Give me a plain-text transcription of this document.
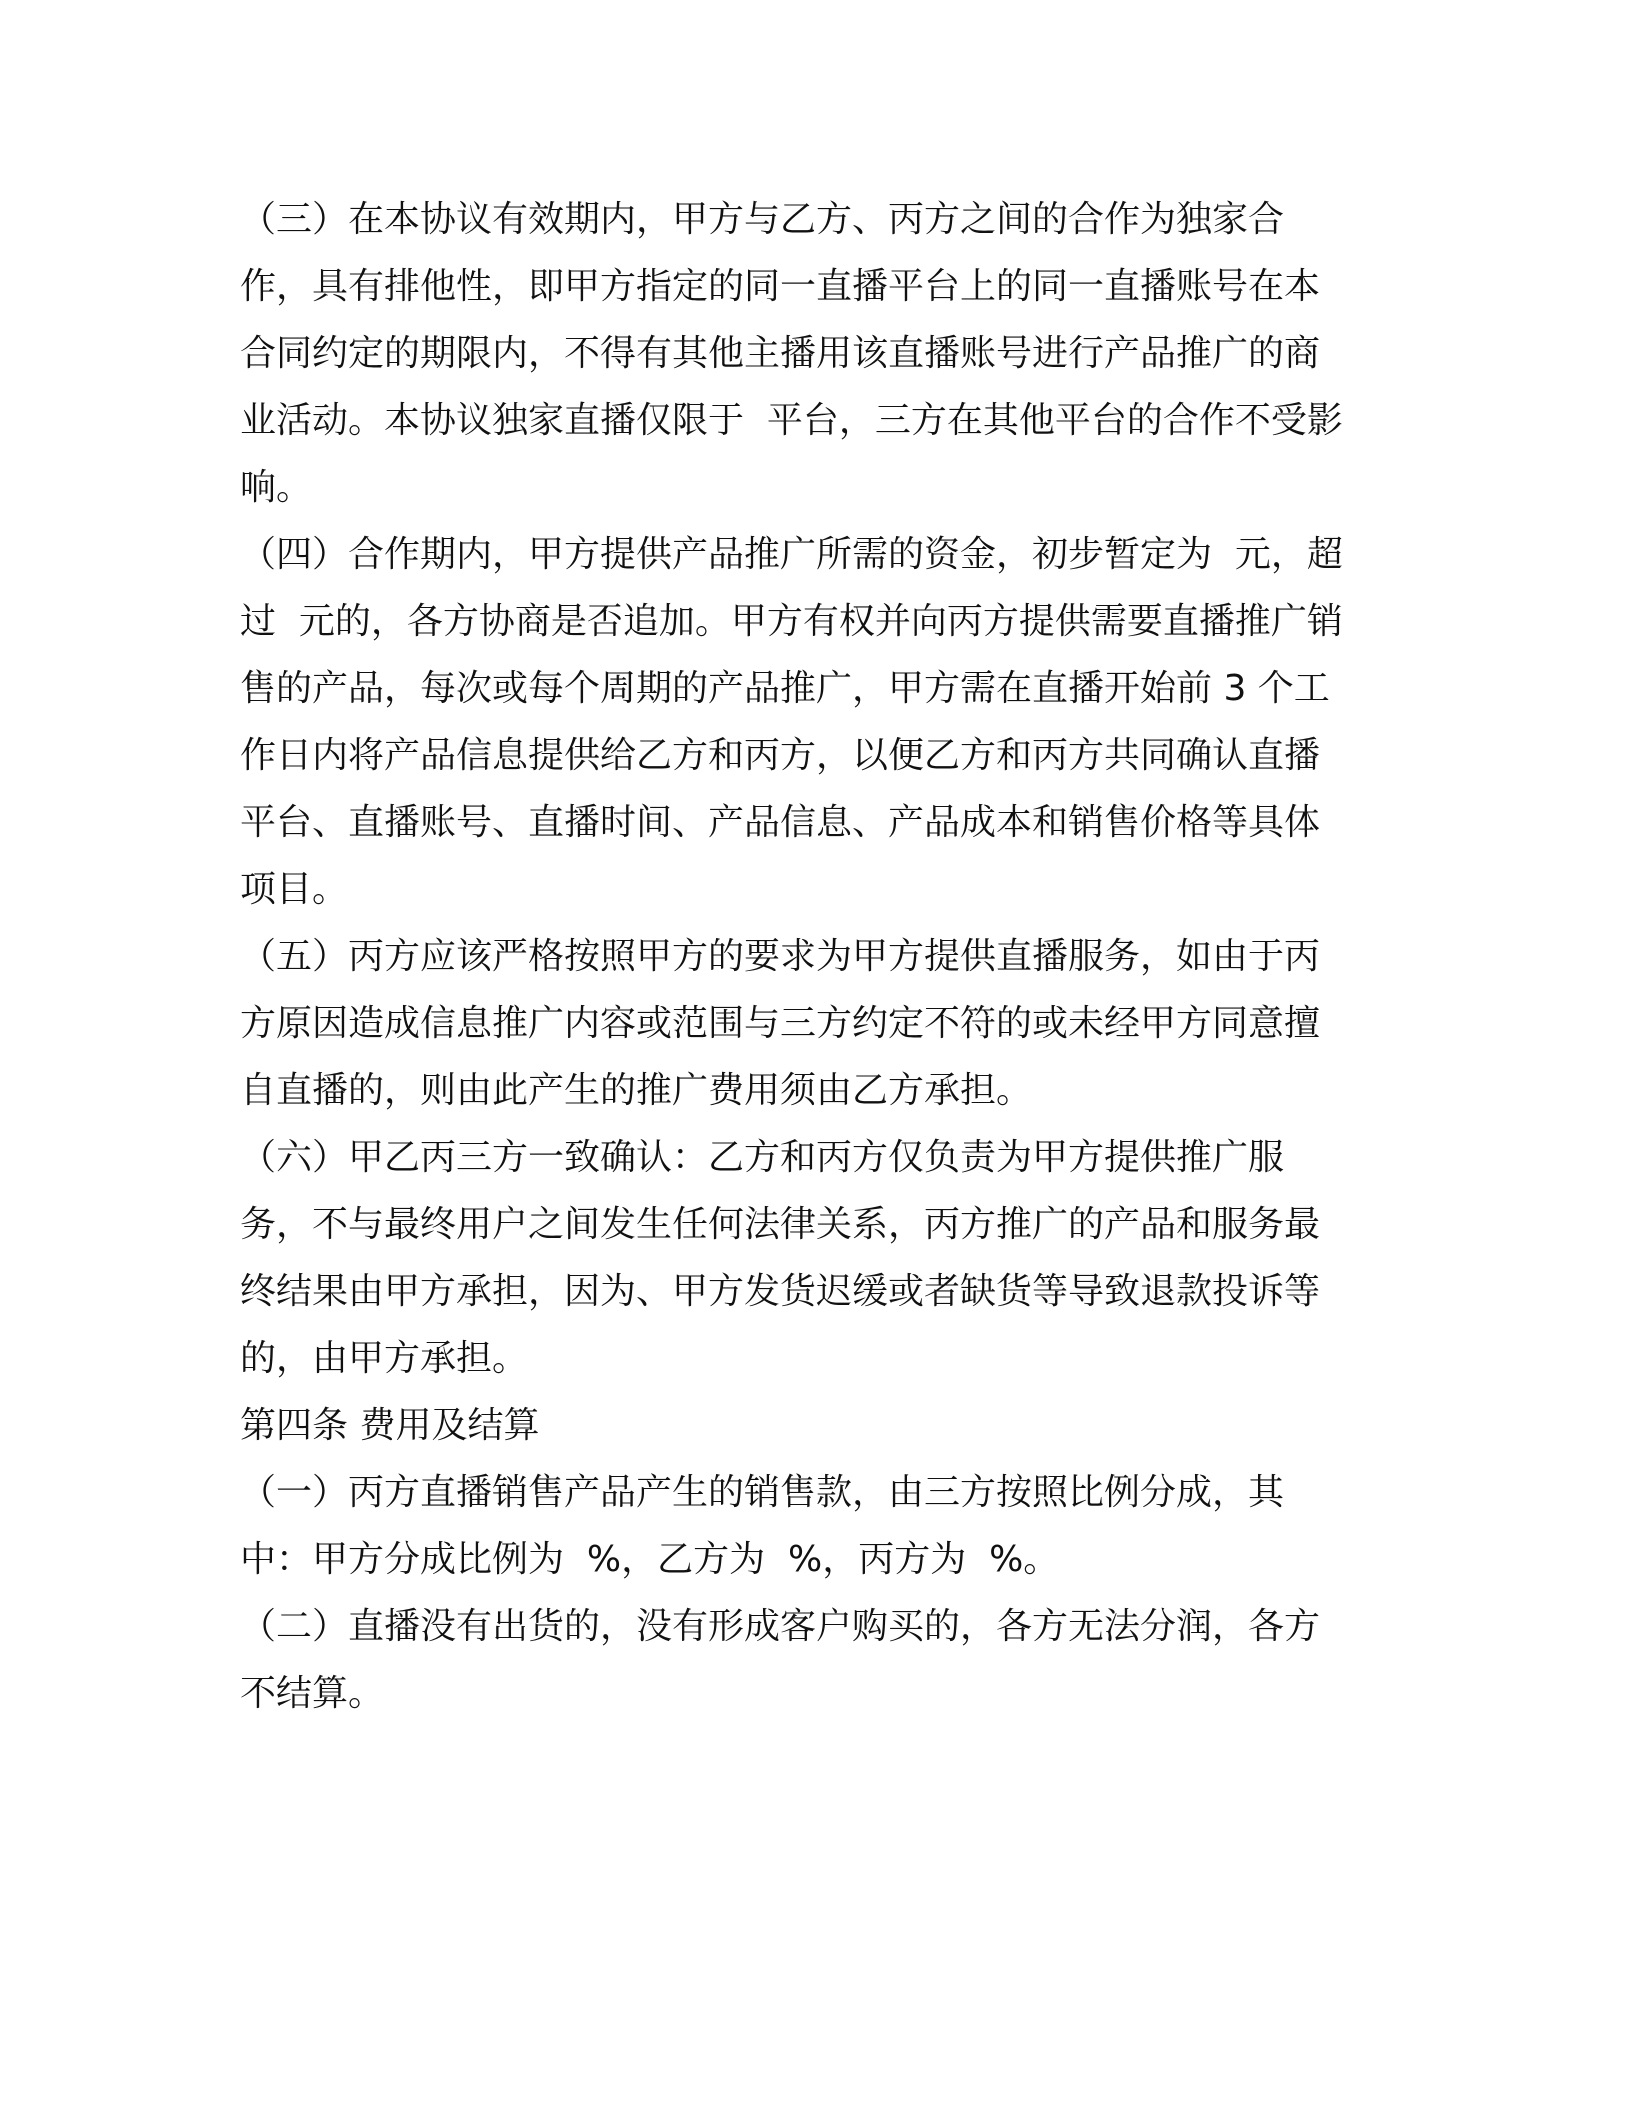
（三）在本协议有效期内，甲方与乙方、丙方之间的合作为独家合
作，具有排他性，即甲方指定的同一直播平台上的同一直播账号在本
合同约定的期限内，不得有其他主播用该直播账号进行产品推广的商
业活动。本协议独家直播仅限于  平台，三方在其他平台的合作不受影
响。
（四）合作期内，甲方提供产品推广所需的资金，初步暂定为  元，超
过  元的，各方协商是否追加。甲方有权并向丙方提供需要直播推广销
售的产品，每次或每个周期的产品推广，甲方需在直播开始前 3 个工
作日内将产品信息提供给乙方和丙方，以便乙方和丙方共同确认直播
平台、直播账号、直播时间、产品信息、产品成本和销售价格等具体
项目。
（五）丙方应该严格按照甲方的要求为甲方提供直播服务，如由于丙
方原因造成信息推广内容或范围与三方约定不符的或未经甲方同意擅
自直播的，则由此产生的推广费用须由乙方承担。
（六）甲乙丙三方一致确认：乙方和丙方仅负责为甲方提供推广服
务，不与最终用户之间发生任何法律关系，丙方推广的产品和服务最
终结果由甲方承担，因为、甲方发货迟缓或者缺货等导致退款投诉等
的，由甲方承担。
第四条 费用及结算
（一）丙方直播销售产品产生的销售款，由三方按照比例分成，其
中：甲方分成比例为  %，乙方为  %，丙方为  %。
（二）直播没有出货的，没有形成客户购买的，各方无法分润，各方
不结算。
